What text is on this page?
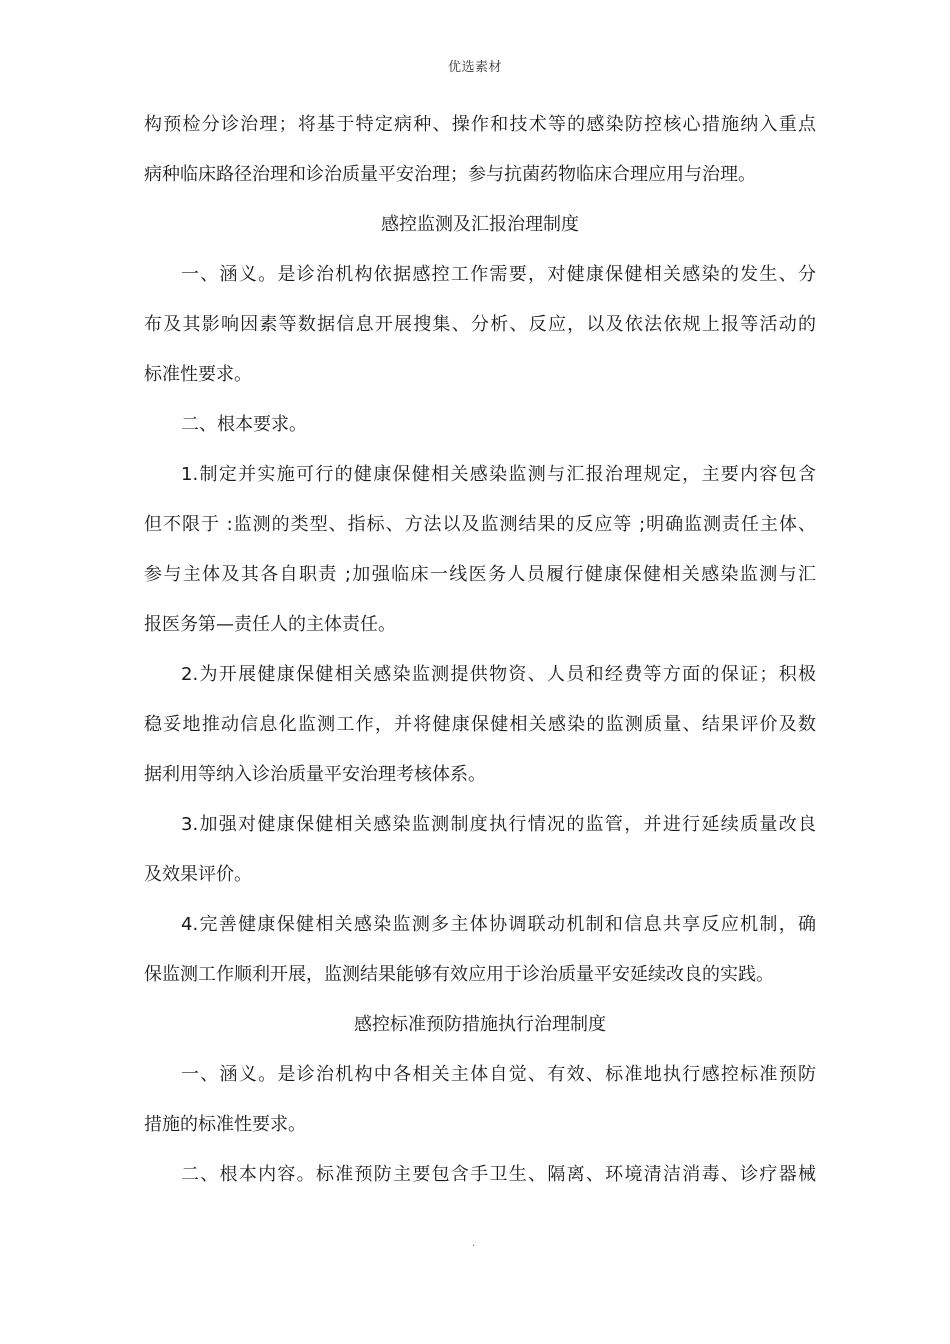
优选素材
构预检分诊治理；将基于特定病种、操作和技术等的感染防控核心措施纳入重点
病种临床路径治理和诊治质量平安治理；参与抗菌药物临床合理应用与治理。
感控监测及汇报治理制度
一、涵义。是诊治机构依据感控工作需要，对健康保健相关感染的发生、分
布及其影响因素等数据信息开展搜集、分析、反应，以及依法依规上报等活动的
标准性要求。
二、根本要求。
1.制定并实施可行的健康保健相关感染监测与汇报治理规定，主要内容包含
但不限于 :监测的类型、指标、方法以及监测结果的反应等 ;明确监测责任主体、
参与主体及其各自职责 ;加强临床一线医务人员履行健康保健相关感染监测与汇
报医务第—责任人的主体责任。
2.为开展健康保健相关感染监测提供物资、人员和经费等方面的保证；积极
稳妥地推动信息化监测工作，并将健康保健相关感染的监测质量、结果评价及数
据利用等纳入诊治质量平安治理考核体系。
3.加强对健康保健相关感染监测制度执行情况的监管，并进行延续质量改良
及效果评价。
4.完善健康保健相关感染监测多主体协调联动机制和信息共享反应机制，确
保监测工作顺利开展，监测结果能够有效应用于诊治质量平安延续改良的实践。
感控标准预防措施执行治理制度
一、涵义。是诊治机构中各相关主体自觉、有效、标准地执行感控标准预防
措施的标准性要求。
二、根本内容。标准预防主要包含手卫生、隔离、环境清洁消毒、诊疗器械
.
